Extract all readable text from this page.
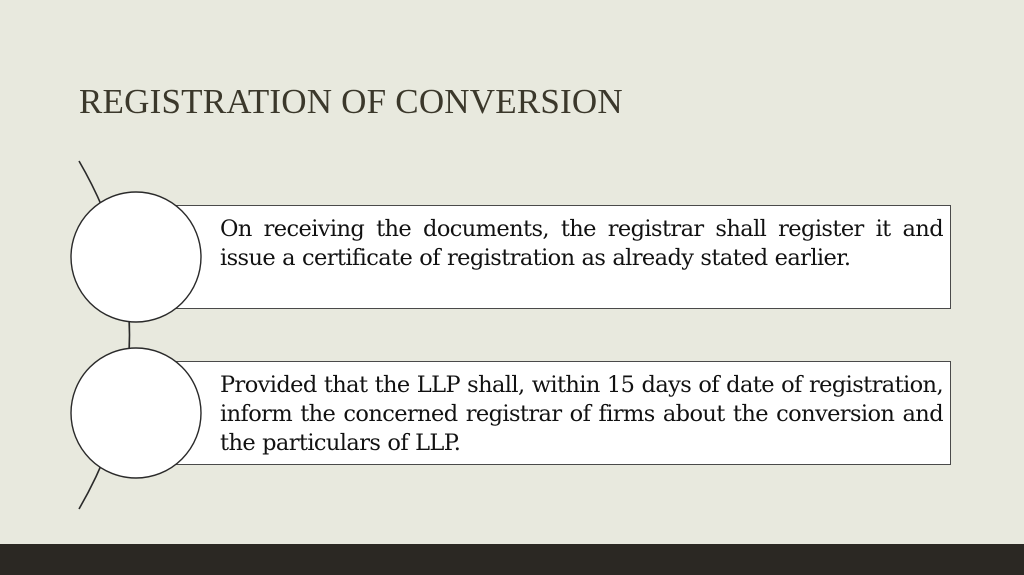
REGISTRATION OF CONVERSION
On receiving the documents, the registrar shall register it and issue a certificate of registration as already stated earlier.
Provided that the LLP shall, within 15 days of date of registration, inform the concerned registrar of firms about the conversion and the particulars of LLP.
